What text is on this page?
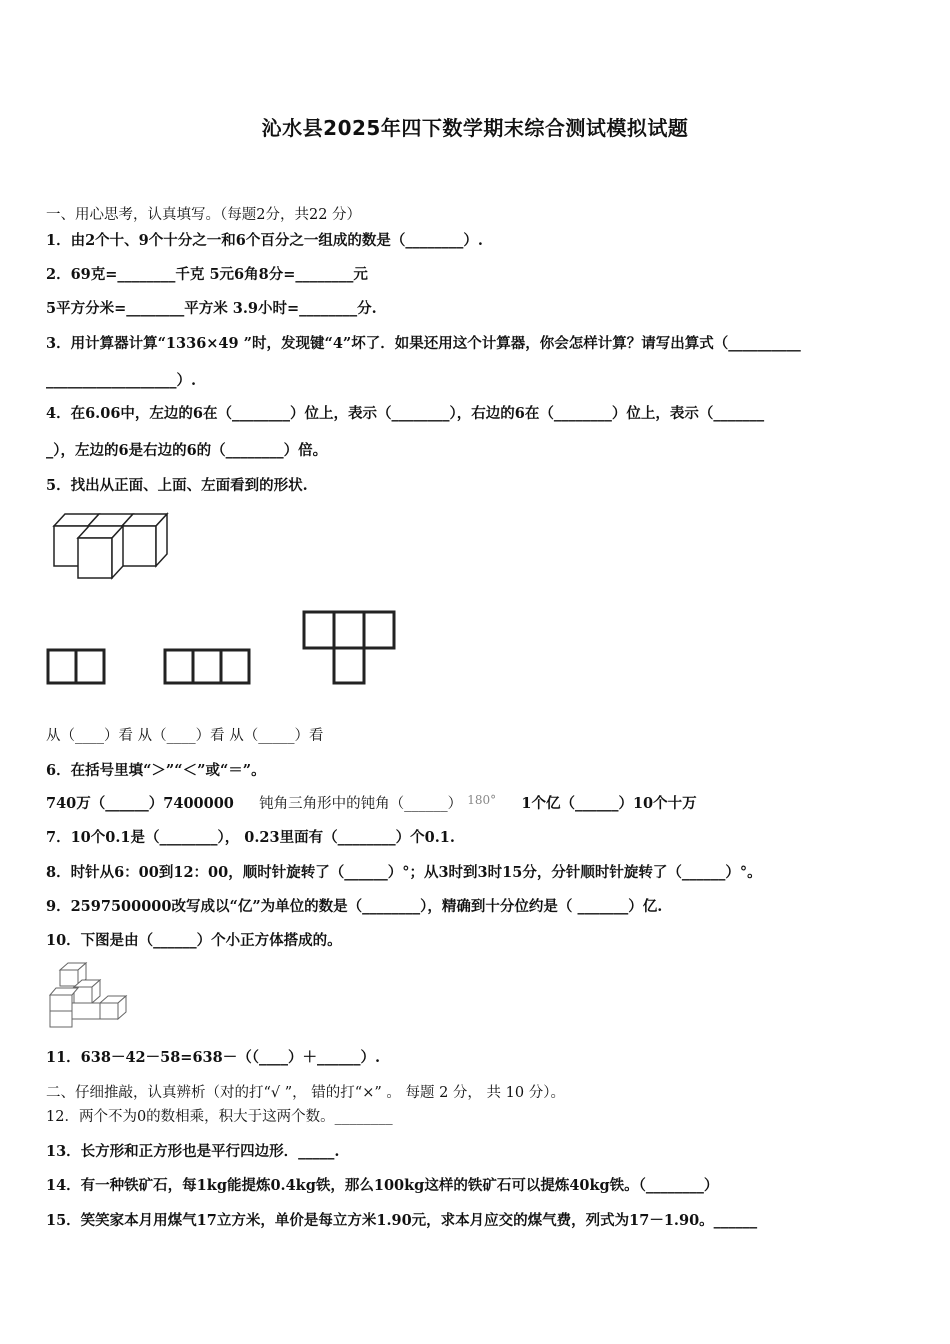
沁水县2025年四下数学期末综合测试模拟试题
一、用心思考，认真填写。（每题2分，共22 分）
1．由2个十、9个十分之一和6个百分之一组成的数是（________）.
2．69克=________千克 5元6角8分=________元
5平方分米=________平方米 3.9小时=________分.
3．用计算器计算“1336×49 ”时，发现键“4”坏了．如果还用这个计算器，你会怎样计算？请写出算式（__________
__________________）.
4．在6.06中，左边的6在（________）位上，表示（________），右边的6在（________）位上，表示（_______
_），左边的6是右边的6的（________）倍。
5．找出从正面、上面、左面看到的形状.
从（____）看 从（____）看 从（_____）看
6．在括号里填“＞”“＜”或“＝”。
740万（______）7400000 钝角三角形中的钝角（______） $^{180^\circ}$ 1个亿（______）10个十万
7．10个0.1是（________）， 0.23里面有（________）个0.1.
8．时针从6：00到12：00，顺时针旋转了（______）°；从3时到3时15分，分针顺时针旋转了（______）°。
9．2597500000改写成以“亿”为单位的数是（________），精确到十分位约是（ _______）亿.
10．下图是由（______）个小正方体搭成的。
11．638－42－58=638－（（____）＋______）.
二、仔细推敲，认真辨析（对的打“√ ”， 错的打“×” 。 每题 2 分， 共 10 分）。
12．两个不为0的数相乘，积大于这两个数。________
13．长方形和正方形也是平行四边形．_____.
14．有一种铁矿石，每1kg能提炼0.4kg铁，那么100kg这样的铁矿石可以提炼40kg铁。（________）
15．笑笑家本月用煤气17立方米，单价是每立方米1.90元，求本月应交的煤气费，列式为17－1.90。______
